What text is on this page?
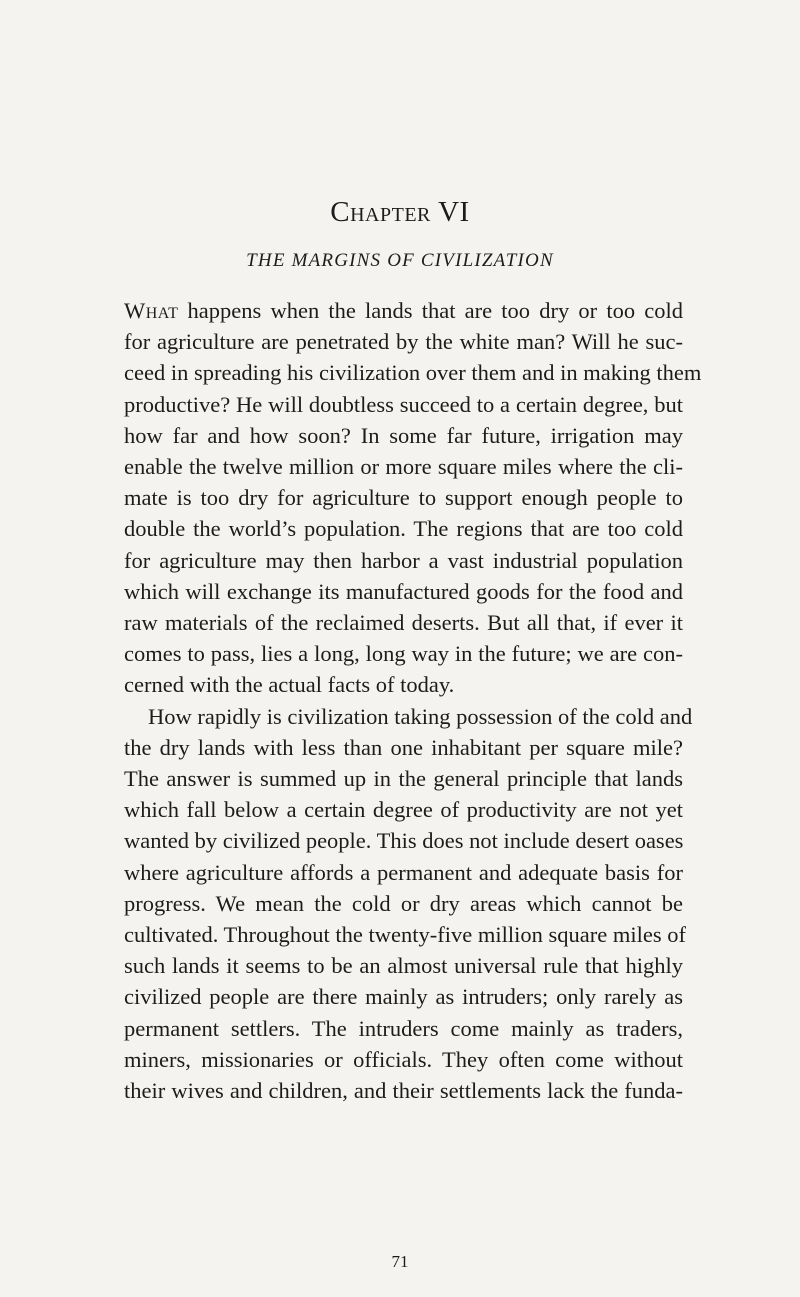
Chapter VI
THE MARGINS OF CIVILIZATION
What happens when the lands that are too dry or too cold
for agriculture are penetrated by the white man? Will he suc-
ceed in spreading his civilization over them and in making them
productive? He will doubtless succeed to a certain degree, but
how far and how soon? In some far future, irrigation may
enable the twelve million or more square miles where the cli-
mate is too dry for agriculture to support enough people to
double the world’s population. The regions that are too cold
for agriculture may then harbor a vast industrial population
which will exchange its manufactured goods for the food and
raw materials of the reclaimed deserts. But all that, if ever it
comes to pass, lies a long, long way in the future; we are con-
cerned with the actual facts of today.
How rapidly is civilization taking possession of the cold and
the dry lands with less than one inhabitant per square mile?
The answer is summed up in the general principle that lands
which fall below a certain degree of productivity are not yet
wanted by civilized people. This does not include desert oases
where agriculture affords a permanent and adequate basis for
progress. We mean the cold or dry areas which cannot be
cultivated. Throughout the twenty-five million square miles of
such lands it seems to be an almost universal rule that highly
civilized people are there mainly as intruders; only rarely as
permanent settlers. The intruders come mainly as traders,
miners, missionaries or officials. They often come without
their wives and children, and their settlements lack the funda-

71
